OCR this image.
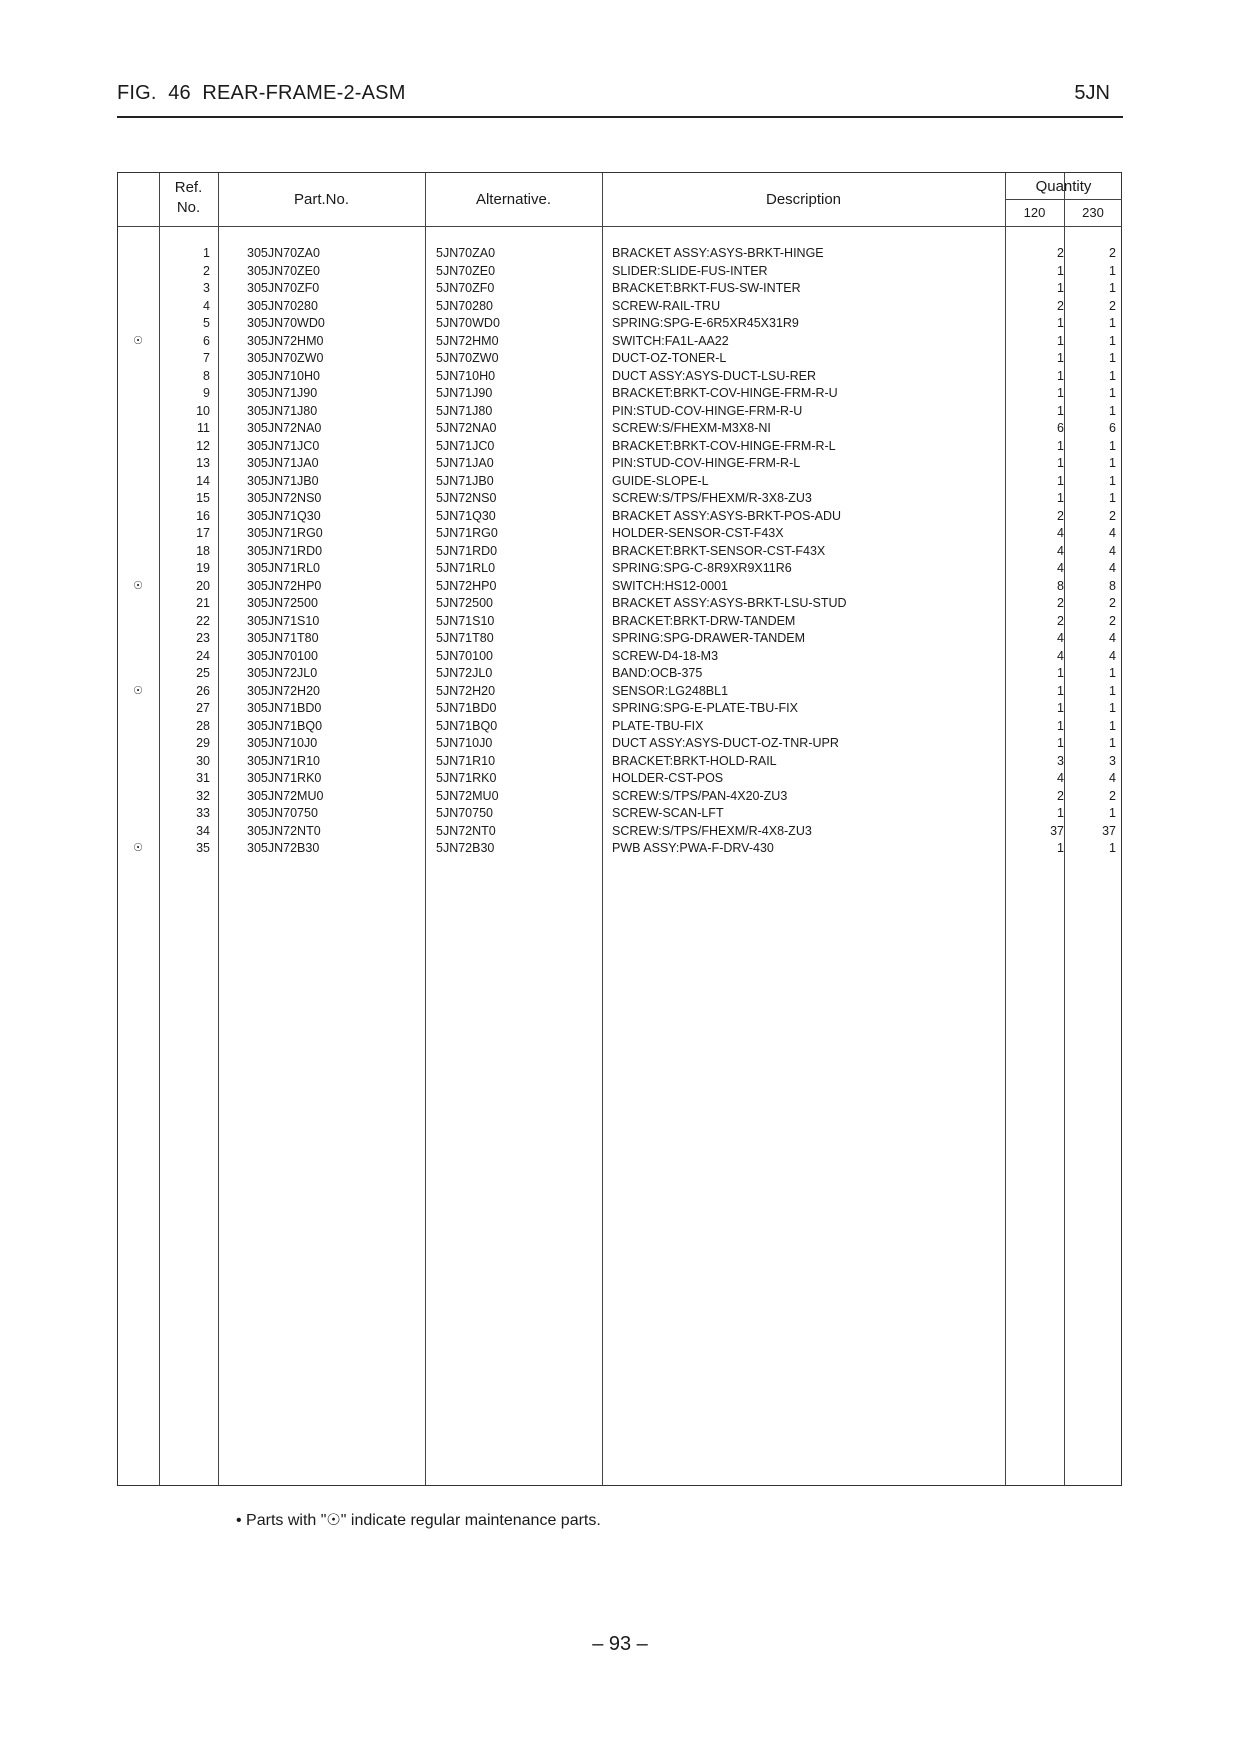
FIG.  46  REAR-FRAME-2-ASM	5JN
Ref.
No.	Part.No.	Alternative.	Description
Quantity
120	230
1	305JN70ZA0	5JN70ZA0	BRACKET ASSY:ASYS-BRKT-HINGE	2	2
2	305JN70ZE0	5JN70ZE0	SLIDER:SLIDE-FUS-INTER	1	1
3	305JN70ZF0	5JN70ZF0	BRACKET:BRKT-FUS-SW-INTER	1	1
4	305JN70280	5JN70280	SCREW-RAIL-TRU	2	2
5	305JN70WD0	5JN70WD0	SPRING:SPG-E-6R5XR45X31R9	1	1
☉	6	305JN72HM0	5JN72HM0	SWITCH:FA1L-AA22	1	1
7	305JN70ZW0	5JN70ZW0	DUCT-OZ-TONER-L	1	1
8	305JN710H0	5JN710H0	DUCT ASSY:ASYS-DUCT-LSU-RER	1	1
9	305JN71J90	5JN71J90	BRACKET:BRKT-COV-HINGE-FRM-R-U	1	1
10	305JN71J80	5JN71J80	PIN:STUD-COV-HINGE-FRM-R-U	1	1
11	305JN72NA0	5JN72NA0	SCREW:S/FHEXM-M3X8-NI	6	6
12	305JN71JC0	5JN71JC0	BRACKET:BRKT-COV-HINGE-FRM-R-L	1	1
13	305JN71JA0	5JN71JA0	PIN:STUD-COV-HINGE-FRM-R-L	1	1
14	305JN71JB0	5JN71JB0	GUIDE-SLOPE-L	1	1
15	305JN72NS0	5JN72NS0	SCREW:S/TPS/FHEXM/R-3X8-ZU3	1	1
16	305JN71Q30	5JN71Q30	BRACKET ASSY:ASYS-BRKT-POS-ADU	2	2
17	305JN71RG0	5JN71RG0	HOLDER-SENSOR-CST-F43X	4	4
18	305JN71RD0	5JN71RD0	BRACKET:BRKT-SENSOR-CST-F43X	4	4
19	305JN71RL0	5JN71RL0	SPRING:SPG-C-8R9XR9X11R6	4	4
☉	20	305JN72HP0	5JN72HP0	SWITCH:HS12-0001	8	8
21	305JN72500	5JN72500	BRACKET ASSY:ASYS-BRKT-LSU-STUD	2	2
22	305JN71S10	5JN71S10	BRACKET:BRKT-DRW-TANDEM	2	2
23	305JN71T80	5JN71T80	SPRING:SPG-DRAWER-TANDEM	4	4
24	305JN70100	5JN70100	SCREW-D4-18-M3	4	4
25	305JN72JL0	5JN72JL0	BAND:OCB-375	1	1
☉	26	305JN72H20	5JN72H20	SENSOR:LG248BL1	1	1
27	305JN71BD0	5JN71BD0	SPRING:SPG-E-PLATE-TBU-FIX	1	1
28	305JN71BQ0	5JN71BQ0	PLATE-TBU-FIX	1	1
29	305JN710J0	5JN710J0	DUCT ASSY:ASYS-DUCT-OZ-TNR-UPR	1	1
30	305JN71R10	5JN71R10	BRACKET:BRKT-HOLD-RAIL	3	3
31	305JN71RK0	5JN71RK0	HOLDER-CST-POS	4	4
32	305JN72MU0	5JN72MU0	SCREW:S/TPS/PAN-4X20-ZU3	2	2
33	305JN70750	5JN70750	SCREW-SCAN-LFT	1	1
34	305JN72NT0	5JN72NT0	SCREW:S/TPS/FHEXM/R-4X8-ZU3	37	37
☉	35	305JN72B30	5JN72B30	PWB ASSY:PWA-F-DRV-430	1	1
• Parts with "☉" indicate regular maintenance parts.
– 93 –
